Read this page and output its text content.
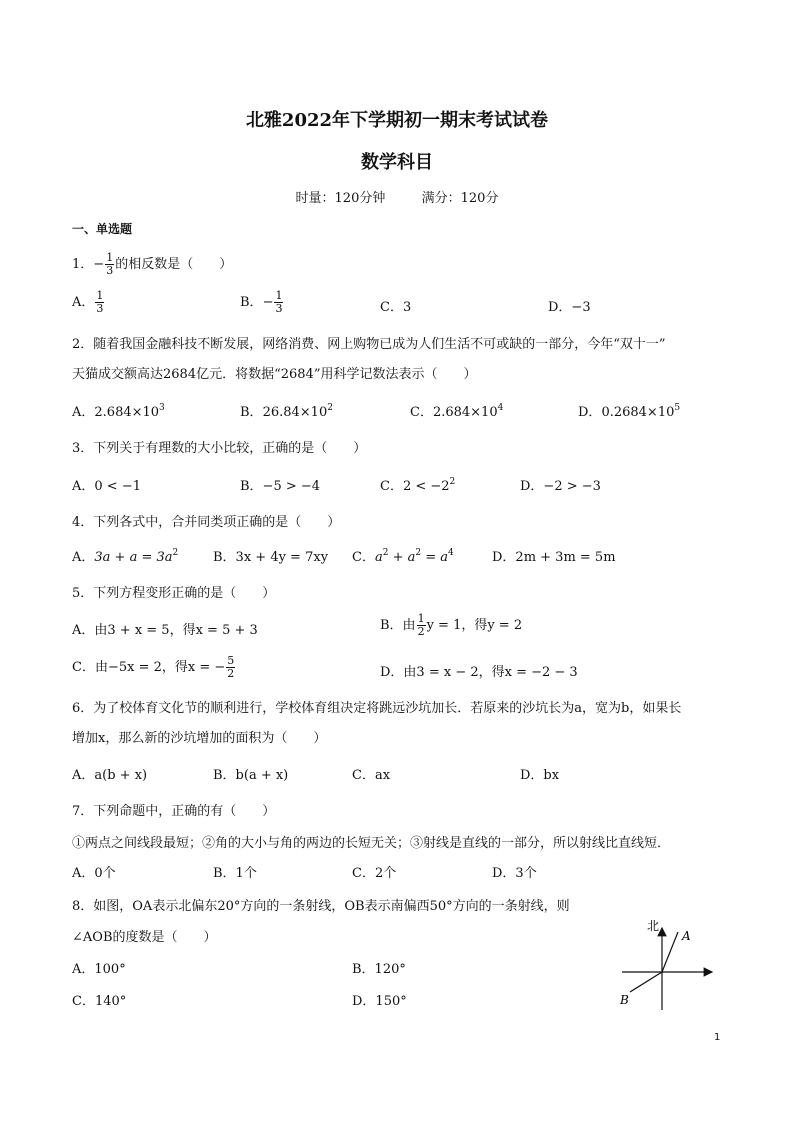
北雅2022年下学期初一期末考试试卷
数学科目
时量：120分钟	满分：120分
一、单选题
1．− $\frac{1}{3}$ 的相反数是（　　）
A． $\frac{1}{3}$	B．− $\frac{1}{3}$	C．3	D．−3
2．随着我国金融科技不断发展，网络消费、网上购物已成为人们生活不可或缺的一部分，今年“双十一”
天猫成交额高达2684亿元．将数据“2684”用科学记数法表示（　　）
A．$2.684\times 10^3$	B．$26.84\times 10^2$	C．$2.684\times 10^4$	D．$0.2684\times 10^5$
3．下列关于有理数的大小比较，正确的是（　　）
A．0 < −1	B．−5 > −4	C．$2 < -2^2$	D．−2 > −3
4．下列各式中，合并同类项正确的是（　　）
A．$3a + a = 3a^2$	B．3x + 4y = 7xy C．$a^2 + a^2 = a^4$	D．2m + 3m = 5m
5．下列方程变形正确的是（　　）
A．由3 + x = 5，得x = 5 + 3	B．由 $\frac{1}{2}$ y = 1，得y = 2
C．由−5x = 2，得x = − $\frac{5}{2}$	D．由3 = x − 2，得x = −2 − 3
6．为了校体育文化节的顺利进行，学校体育组决定将跳远沙坑加长．若原来的沙坑长为a，宽为b，如果长
增加x，那么新的沙坑增加的面积为（　　）
A．a(b + x)	B．b(a + x)	C．ax	D．bx
7．下列命题中，正确的有（　　）
①两点之间线段最短；②角的大小与角的两边的长短无关；③射线是直线的一部分，所以射线比直线短．
A．0个	B．1个	C．2个	D．3个
8．如图，OA表示北偏东20°方向的一条射线，OB表示南偏西50°方向的一条射线，则
∠AOB的度数是（　　）
A．100°	B．120°
C．140°	D．150°
北
A
B
1
